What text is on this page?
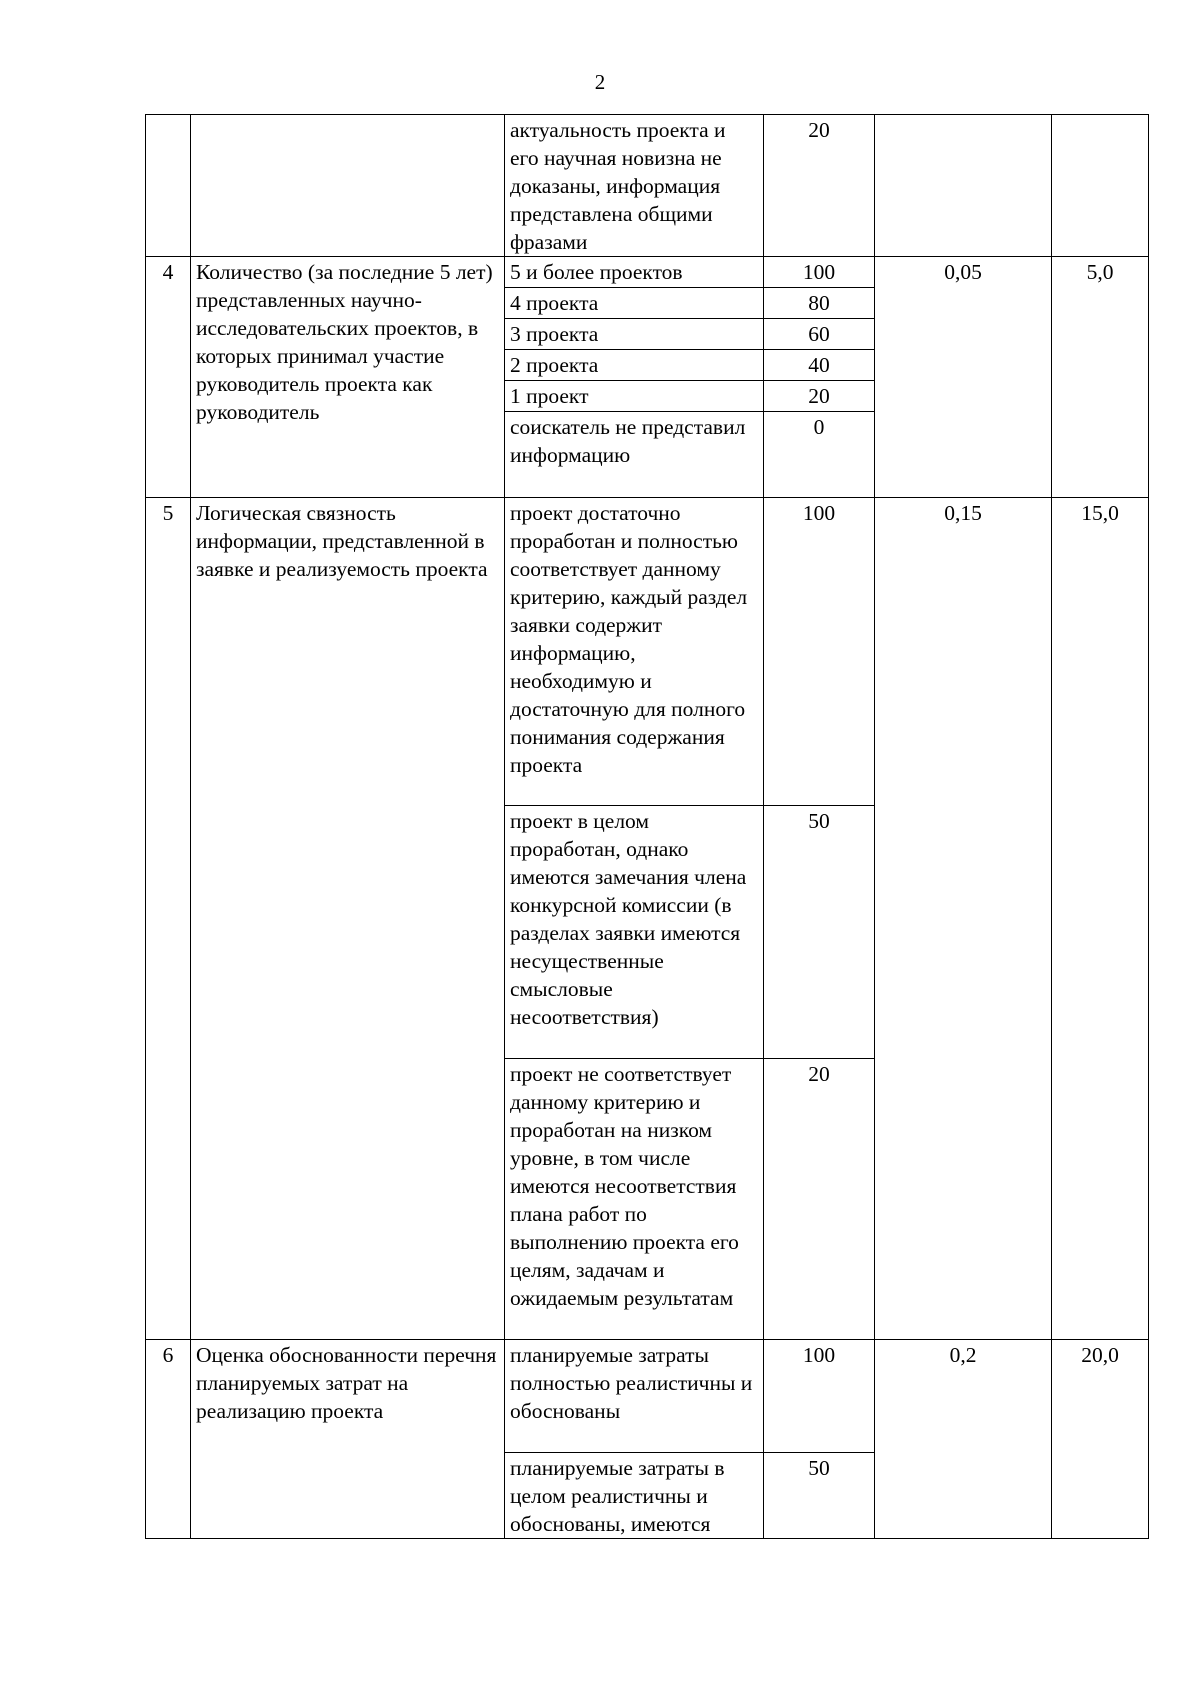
2
		актуальность проекта и его научная новизна не доказаны, информация представлена общими фразами	20		
4	Количество (за последние 5 лет) представленных научно-исследовательских проектов, в которых принимал участие руководитель проекта как руководитель	5 и более проектов	100	0,05	5,0
		4 проекта	80		
		3 проекта	60		
		2 проекта	40		
		1 проект	20		
		соискатель не представил информацию	0		
5	Логическая связность информации, представленной в заявке и реализуемость проекта	проект достаточно проработан и полностью соответствует данному критерию, каждый раздел заявки содержит информацию, необходимую и достаточную для полного понимания содержания проекта	100	0,15	15,0
		проект в целом проработан, однако имеются замечания члена конкурсной комиссии (в разделах заявки имеются несущественные смысловые несоответствия)	50		
		проект не соответствует данному критерию и проработан на низком уровне, в том числе имеются несоответствия плана работ по выполнению проекта его целям, задачам и ожидаемым результатам	20		
6	Оценка обоснованности перечня планируемых затрат на реализацию проекта	планируемые затраты полностью реалистичны и обоснованы	100	0,2	20,0
		планируемые затраты в целом реалистичны и обоснованы, имеются	50		
